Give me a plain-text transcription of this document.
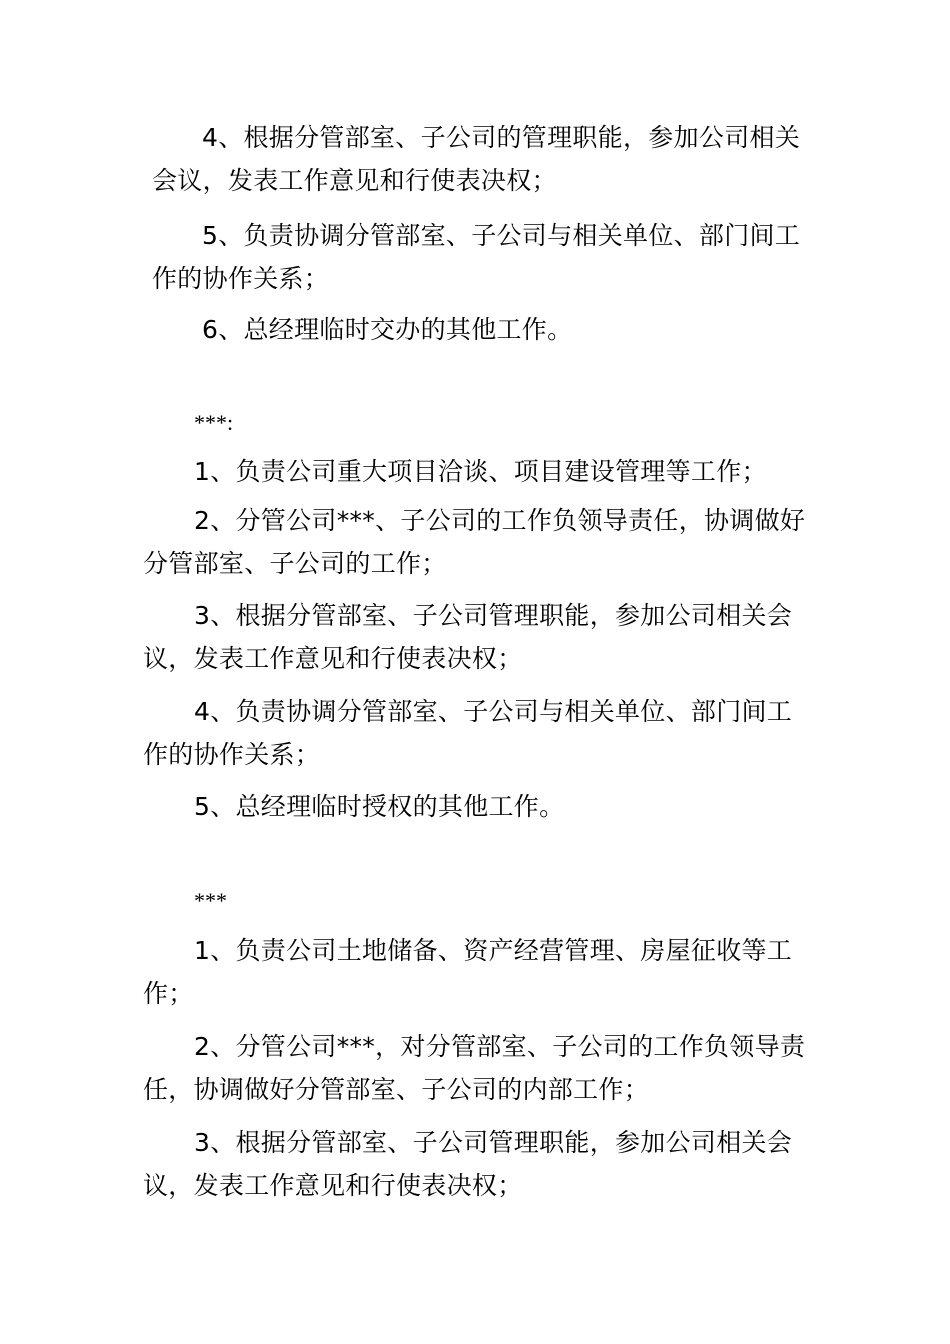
4、根据分管部室、子公司的管理职能，参加公司相关
会议，发表工作意见和行使表决权；

5、负责协调分管部室、子公司与相关单位、部门间工
作的协作关系；

6、总经理临时交办的其他工作。

***:

1、负责公司重大项目洽谈、项目建设管理等工作；

2、分管公司***、子公司的工作负领导责任，协调做好
分管部室、子公司的工作；

3、根据分管部室、子公司管理职能，参加公司相关会
议，发表工作意见和行使表决权；

4、负责协调分管部室、子公司与相关单位、部门间工
作的协作关系；

5、总经理临时授权的其他工作。

***

1、负责公司土地储备、资产经营管理、房屋征收等工
作；

2、分管公司***，对分管部室、子公司的工作负领导责
任，协调做好分管部室、子公司的内部工作；

3、根据分管部室、子公司管理职能，参加公司相关会
议，发表工作意见和行使表决权；
